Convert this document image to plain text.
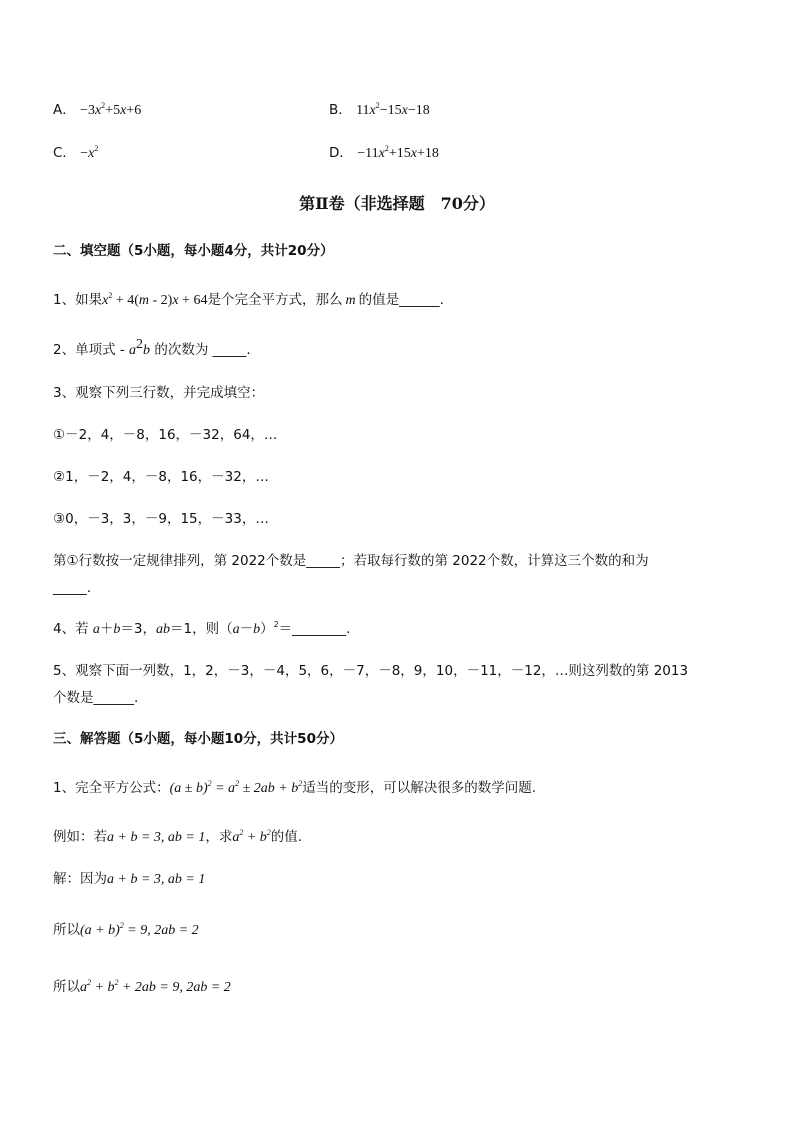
A． $-3x^2+5x+6$	B． $11x^2-15x-18$
C． $-x^2$	D． $-11x^2+15x+18$
第Ⅱ卷（非选择题　70分）
二、填空题（5小题，每小题4分，共计20分）
1、如果$x^2 + 4(m - 2)x + 64$是个完全平方式，那么 m 的值是______.
2、单项式 - $a^2b$ 的次数为 _____.
3、观察下列三行数，并完成填空：
①－2，4，－8，16，－32，64，…
②1，－2，4，－8，16，－32，…
③0，－3，3，－9，15，－33，…
第①行数按一定规律排列，第 2022个数是_____；若取每行数的第 2022个数，计算这三个数的和为
_____.
4、若 a＋b＝3，ab＝1，则$(a-b)^2=\_\_\_\_\_\_\_\_$.
5、观察下面一列数，1，2，－3，－4，5，6，－7，－8，9，10，－11，－12，…则这列数的第 2013
个数是______.
三、解答题（5小题，每小题10分，共计50分）
1、完全平方公式：$(a \pm b)^2 = a^2 \pm 2ab + b^2$适当的变形，可以解决很多的数学问题.
例如：若a + b = 3, ab = 1，求$a^2 + b^2$的值.
解：因为a + b = 3, ab = 1
所以$(a + b)^2 = 9$, 2ab = 2
所以$a^2 + b^2 + 2ab = 9$, 2ab = 2
